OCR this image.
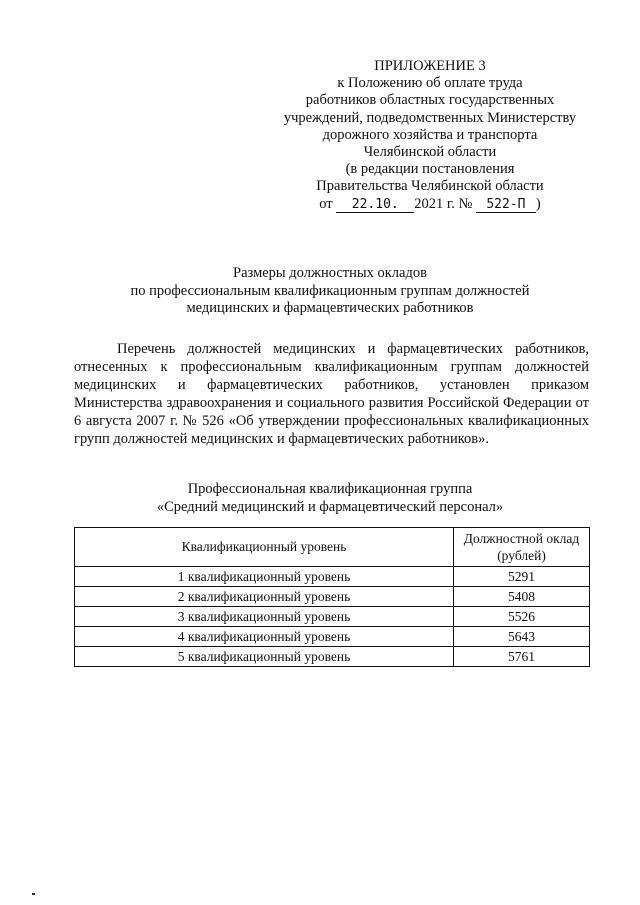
ПРИЛОЖЕНИЕ 3
к Положению об оплате труда
работников областных государственных
учреждений, подведомственных Министерству
дорожного хозяйства и транспорта
Челябинской области
(в редакции постановления
Правительства Челябинской области
от 22.10. 2021 г. № 522-П )
Размеры должностных окладов
по профессиональным квалификационным группам должностей
медицинских и фармацевтических работников

Перечень должностей медицинских и фармацевтических работников, отнесенных к профессиональным квалификационным группам должностей медицинских и фармацевтических работников, установлен приказом Министерства здравоохранения и социального развития Российской Федерации от 6 августа 2007 г. № 526 «Об утверждении профессиональных квалификационных групп должностей медицинских и фармацевтических работников».

Профессиональная квалификационная группа
«Средний медицинский и фармацевтический персонал»
Квалификационный уровень	Должностной оклад
(рублей)
1 квалификационный уровень	5291
2 квалификационный уровень	5408
3 квалификационный уровень	5526
4 квалификационный уровень	5643
5 квалификационный уровень	5761
